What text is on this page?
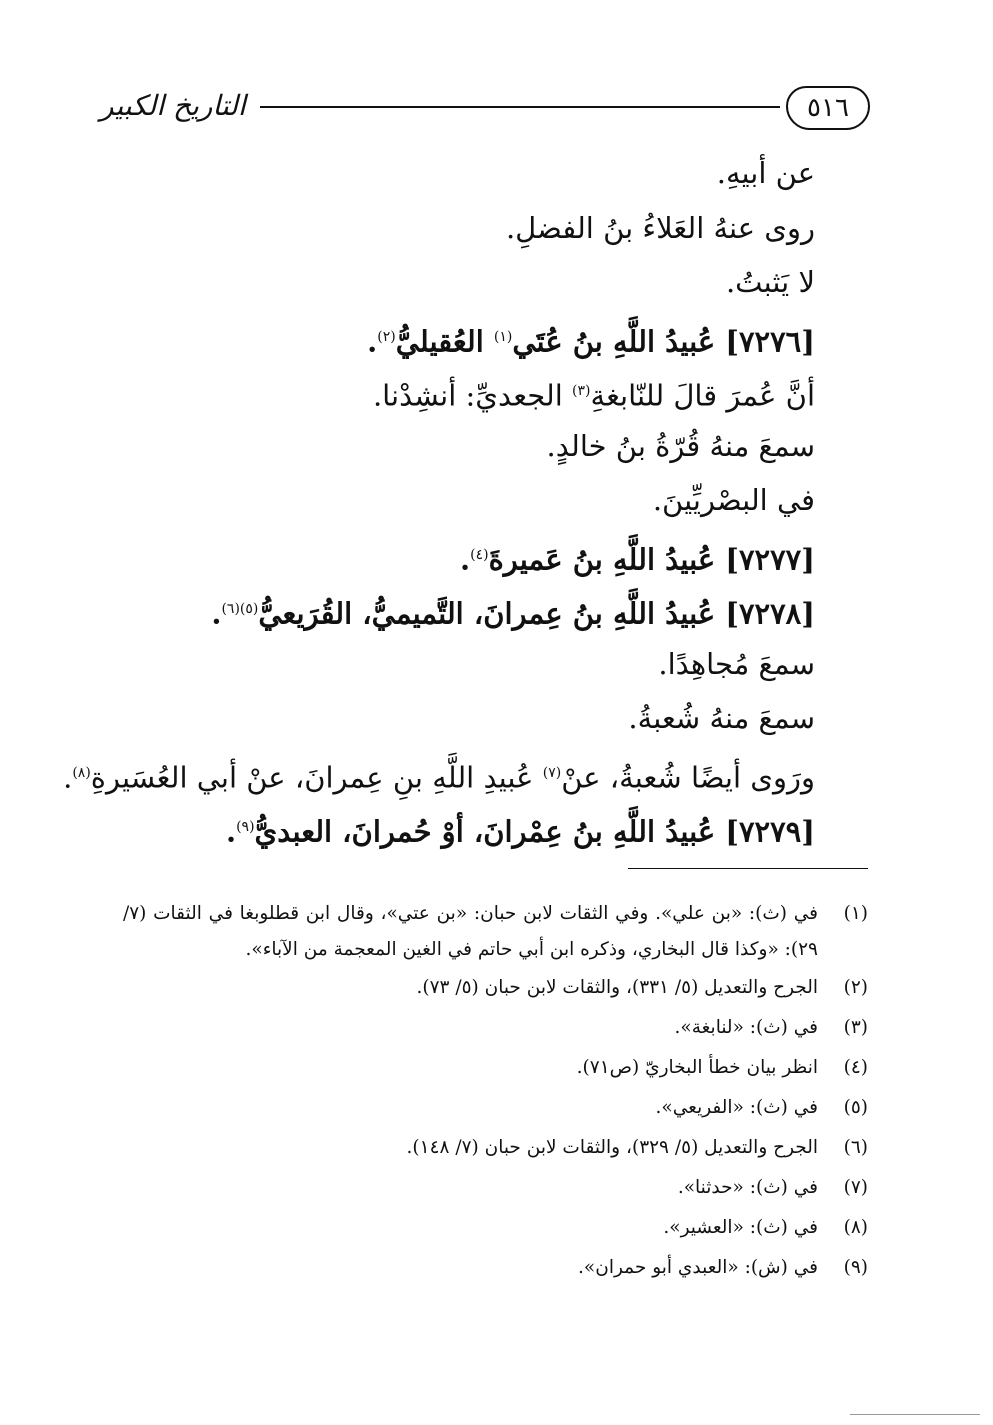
التاريخ الكبير	٥١٦
عن أبيهِ.
روى عنهُ العَلاءُ بنُ الفضلِ.
لا يَثبتُ.
[٧٢٧٦] عُبيدُ اللَّهِ بنُ عُتَي$^{(١)}$ العُقيليُّ$^{(٢)}$.
أنَّ عُمرَ قالَ للنّابغةِ$^{(٣)}$ الجعديِّ: أنشِدْنا.
سمعَ منهُ قُرّةُ بنُ خالدٍ.
في البصْريِّينَ.
[٧٢٧٧] عُبيدُ اللَّهِ بنُ عَميرةَ$^{(٤)}$.
[٧٢٧٨] عُبيدُ اللَّهِ بنُ عِمرانَ، التَّميميُّ، القُرَيعيُّ$^{(٥)(٦)}$.
سمعَ مُجاهِدًا.
سمعَ منهُ شُعبةُ.
ورَوى أيضًا شُعبةُ، عنْ$^{(٧)}$ عُبيدِ اللَّهِ بنِ عِمرانَ، عنْ أبي العُسَيرةِ$^{(٨)}$.
[٧٢٧٩] عُبيدُ اللَّهِ بنُ عِمْرانَ، أوْ حُمرانَ، العبديُّ$^{(٩)}$.
(١)
في (ث): «بن علي». وفي الثقات لابن حبان: «بن عتي»، وقال ابن قطلوبغا في الثقات (٧/ ٢٩): «وكذا قال البخاري، وذكره ابن أبي حاتم في الغين المعجمة من الآباء».
(٢)
الجرح والتعديل (٥/ ٣٣١)، والثقات لابن حبان (٥/ ٧٣).
(٣)
في (ث): «لنابغة».
(٤)
انظر بيان خطأ البخاريّ (ص٧١).
(٥)
في (ث): «الفريعي».
(٦)
الجرح والتعديل (٥/ ٣٢٩)، والثقات لابن حبان (٧/ ١٤٨).
(٧)
في (ث): «حدثنا».
(٨)
في (ث): «العشير».
(٩)
في (ش): «العبدي أبو حمران».
